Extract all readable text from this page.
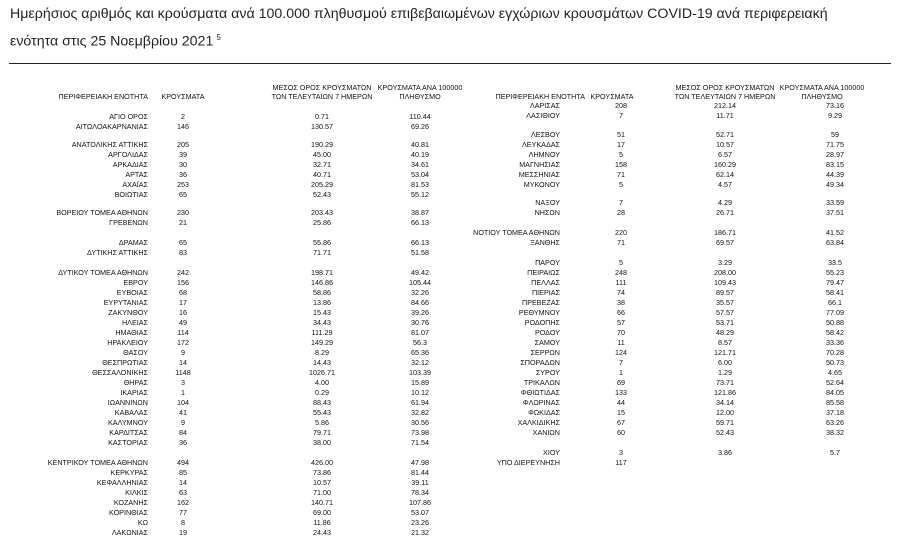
Ημερήσιος αριθμός και κρούσματα ανά 100.000 πληθυσμού επιβεβαιωμένων εγχώριων κρουσμάτων COVID-19 ανά περιφερειακή
ενότητα στις 25 Νοεμβρίου 2021 $^5$
ΠΕΡΙΦΕΡΕΙΑΚΗ ΕΝΟΤΗΤΑ	ΚΡΟΥΣΜΑΤΑ
ΜΕΣΟΣ ΟΡΟΣ ΚΡΟΥΣΜΑΤΩΝ
ΤΩΝ ΤΕΛΕΥΤΑΙΩΝ 7 ΗΜΕΡΩΝ
ΚΡΟΥΣΜΑΤΑ ΑΝΑ 100000
ΠΛΗΘΥΣΜΟ	ΠΕΡΙΦΕΡΕΙΑΚΗ ΕΝΟΤΗΤΑ ΚΡΟΥΣΜΑΤΑ
ΜΕΣΟΣ ΟΡΟΣ ΚΡΟΥΣΜΑΤΩΝ
ΤΩΝ ΤΕΛΕΥΤΑΙΩΝ 7 ΗΜΕΡΩΝ
ΚΡΟΥΣΜΑΤΑ ΑΝΑ 100000
ΠΛΗΘΥΣΜΟ
ΑΓΙΟ ΟΡΟΣ	2	0.71	110.44
ΑΙΤΩΛΟΑΚΑΡΝΑΝΙΑΣ	146	130.57	69.26
ΑΝΑΤΟΛΙΚΗΣ ΑΤΤΙΚΗΣ	205	190.29	40.81
ΑΡΓΟΛΙΔΑΣ	39	45.00	40.19
ΑΡΚΑΔΙΑΣ	30	32.71	34.61
ΑΡΤΑΣ	36	40.71	53.04
ΑΧΑΪΑΣ	253	205.29	81.53
ΒΟΙΩΤΙΑΣ	65	52.43	55.12
ΒΟΡΕΙΟΥ ΤΟΜΕΑ ΑΘΗΝΩΝ	230	203.43	38.87
ΓΡΕΒΕΝΩΝ	21	25.86	66.13
ΔΡΑΜΑΣ	65	55.86	66.13
ΔΥΤΙΚΗΣ ΑΤΤΙΚΗΣ	83	71.71	51.58
ΔΥΤΙΚΟΥ ΤΟΜΕΑ ΑΘΗΝΩΝ	242	198.71	49.42
ΕΒΡΟΥ	156	146.86	105.44
ΕΥΒΟΙΑΣ	68	58.86	32.26
ΕΥΡΥΤΑΝΙΑΣ	17	13.86	84.66
ΖΑΚΥΝΘΟΥ	16	15.43	39.26
ΗΛΕΙΑΣ	49	34.43	30.76
ΗΜΑΘΙΑΣ	114	111.29	81.07
ΗΡΑΚΛΕΙΟΥ	172	149.29	56.3
ΘΑΣΟΥ	9	8.29	65.36
ΘΕΣΠΡΩΤΙΑΣ	14	14.43	32.12
ΘΕΣΣΑΛΟΝΙΚΗΣ	1148	1026.71	103.39
ΘΗΡΑΣ	3	4.00	15.89
ΙΚΑΡΙΑΣ	1	0.29	10.12
ΙΩΑΝΝΙΝΩΝ	104	88.43	61.94
ΚΑΒΑΛΑΣ	41	55.43	32.82
ΚΑΛΥΜΝΟΥ	9	5.86	30.56
ΚΑΡΔΙΤΣΑΣ	84	79.71	73.98
ΚΑΣΤΟΡΙΑΣ	36	38.00	71.54
ΚΕΝΤΡΙΚΟΥ ΤΟΜΕΑ ΑΘΗΝΩΝ	494	426.00	47.98
ΚΕΡΚΥΡΑΣ	85	73.86	81.44
ΚΕΦΑΛΛΗΝΙΑΣ	14	10.57	39.11
ΚΙΛΚΙΣ	63	71.00	78.34
ΚΟΖΑΝΗΣ	162	140.71	107.86
ΚΟΡΙΝΘΙΑΣ	77	69.00	53.07
ΚΩ	8	11.86	23.26
ΛΑΚΩΝΙΑΣ	19	24.43	21.32
ΛΑΡΙΣΑΣ	208	212.14	73.16
ΛΑΣΙΘΙΟΥ	7	11.71	9.29
ΛΕΣΒΟΥ	51	52.71	59
ΛΕΥΚΑΔΑΣ	17	10.57	71.75
ΛΗΜΝΟΥ	5	6.57	28.97
ΜΑΓΝΗΣΙΑΣ	158	160.29	83.15
ΜΕΣΣΗΝΙΑΣ	71	62.14	44.39
ΜΥΚΟΝΟΥ	5	4.57	49.34
ΝΑΞΟΥ	7	4.29	33.59
ΝΗΣΩΝ	28	26.71	37.51
ΝΟΤΙΟΥ ΤΟΜΕΑ ΑΘΗΝΩΝ	220	186.71	41.52
ΞΑΝΘΗΣ	71	69.57	63.84
ΠΑΡΟΥ	5	3.29	33.5
ΠΕΙΡΑΙΩΣ	248	208.00	55.23
ΠΕΛΛΑΣ	111	109.43	79.47
ΠΙΕΡΙΑΣ	74	89.57	58.41
ΠΡΕΒΕΖΑΣ	38	35.57	66.1
ΡΕΘΥΜΝΟΥ	66	57.57	77.09
ΡΟΔΟΠΗΣ	57	53.71	50.88
ΡΟΔΟΥ	70	48.29	58.42
ΣΑΜΟΥ	11	8.57	33.36
ΣΕΡΡΩΝ	124	121.71	70.28
ΣΠΟΡΑΔΩΝ	7	6.00	50.73
ΣΥΡΟΥ	1	1.29	4.65
ΤΡΙΚΑΛΩΝ	69	73.71	52.64
ΦΘΙΩΤΙΔΑΣ	133	121.86	84.05
ΦΛΩΡΙΝΑΣ	44	34.14	85.58
ΦΩΚΙΔΑΣ	15	12.00	37.18
ΧΑΛΚΙΔΙΚΗΣ	67	59.71	63.26
ΧΑΝΙΩΝ	60	52.43	38.32
ΧΙΟΥ	3	3.86	5.7
ΥΠΟ ΔΙΕΡΕΥΝΗΣΗ	117
